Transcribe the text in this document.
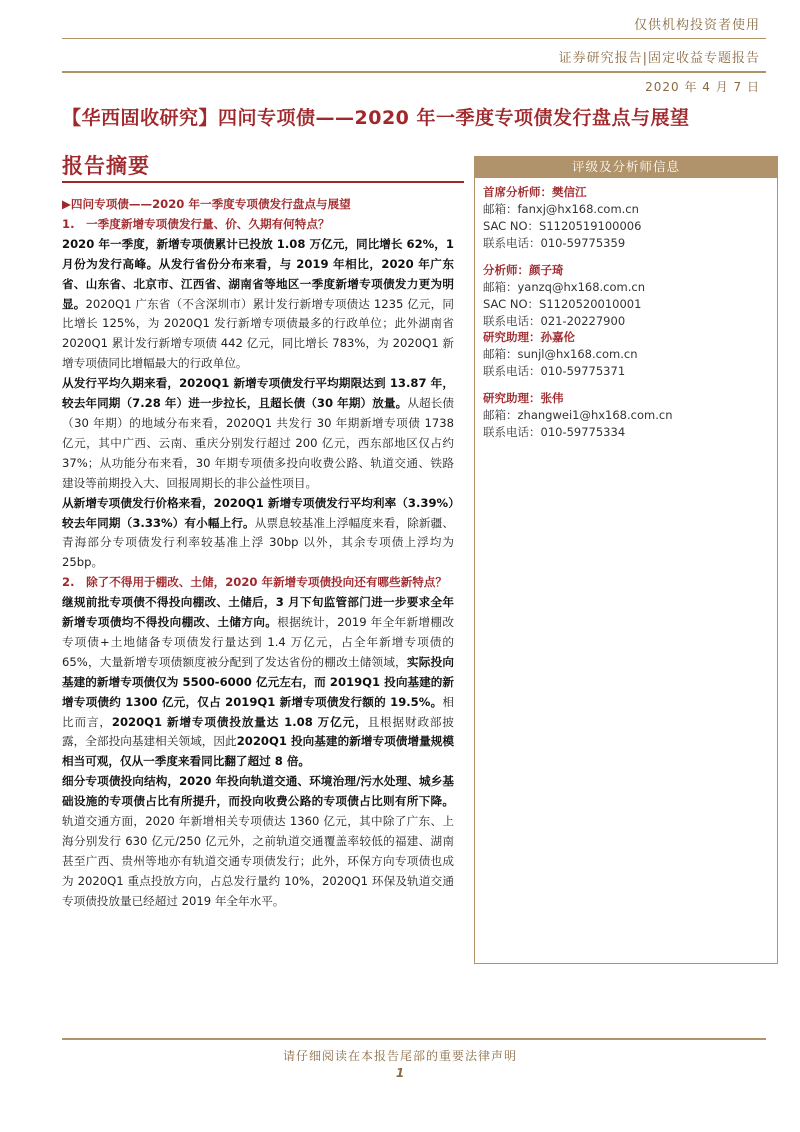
仅供机构投资者使用
证券研究报告|固定收益专题报告
2020 年 4 月 7 日
【华西固收研究】四问专项债——2020 年一季度专项债发行盘点与展望
报告摘要

▶四问专项债——2020 年一季度专项债发行盘点与展望

1.　一季度新增专项债发行量、价、久期有何特点？

2020 年一季度，新增专项债累计已投放 1.08 万亿元，同比增长 62%，1 月份为发行高峰。从发行省份分布来看，与 2019 年相比，2020 年广东省、山东省、北京市、江西省、湖南省等地区一季度新增专项债发力更为明显。2020Q1 广东省（不含深圳市）累计发行新增专项债达 1235 亿元，同比增长 125%，为 2020Q1 发行新增专项债最多的行政单位；此外湖南省 2020Q1 累计发行新增专项债 442 亿元，同比增长 783%，为 2020Q1 新增专项债同比增幅最大的行政单位。

从发行平均久期来看，2020Q1 新增专项债发行平均期限达到 13.87 年，较去年同期（7.28 年）进一步拉长，且超长债（30 年期）放量。从超长债（30 年期）的地域分布来看，2020Q1 共发行 30 年期新增专项债 1738 亿元，其中广西、云南、重庆分别发行超过 200 亿元，西东部地区仅占约 37%；从功能分布来看，30 年期专项债多投向收费公路、轨道交通、铁路建设等前期投入大、回报周期长的非公益性项目。

从新增专项债发行价格来看，2020Q1 新增专项债发行平均利率（3.39%）较去年同期（3.33%）有小幅上行。从票息较基准上浮幅度来看，除新疆、青海部分专项债发行利率较基准上浮 30bp 以外，其余专项债上浮均为 25bp。

2.　除了不得用于棚改、土储，2020 年新增专项债投向还有哪些新特点？

继规前批专项债不得投向棚改、土储后，3 月下旬监管部门进一步要求全年新增专项债均不得投向棚改、土储方向。根据统计，2019 年全年新增棚改专项债+土地储备专项债发行量达到 1.4 万亿元，占全年新增专项债的 65%，大量新增专项债额度被分配到了发达省份的棚改土储领域，实际投向基建的新增专项债仅为 5500-6000 亿元左右，而 2019Q1 投向基建的新增专项债约 1300 亿元，仅占 2019Q1 新增专项债发行额的 19.5%。相比而言，2020Q1 新增专项债投放量达 1.08 万亿元，且根据财政部披露，全部投向基建相关领域，因此2020Q1 投向基建的新增专项债增量规模相当可观，仅从一季度来看同比翻了超过 8 倍。

细分专项债投向结构，2020 年投向轨道交通、环境治理/污水处理、城乡基础设施的专项债占比有所提升，而投向收费公路的专项债占比则有所下降。轨道交通方面，2020 年新增相关专项债达 1360 亿元，其中除了广东、上海分别发行 630 亿元/250 亿元外，之前轨道交通覆盖率较低的福建、湖南甚至广西、贵州等地亦有轨道交通专项债发行；此外，环保方向专项债也成为 2020Q1 重点投放方向，占总发行量约 10%，2020Q1 环保及轨道交通专项债投放量已经超过 2019 年全年水平。

评级及分析师信息
首席分析师：樊信江
邮箱：fanxj@hx168.com.cn
SAC NO：S1120519100006
联系电话：010-59775359
分析师：颜子琦
邮箱：yanzq@hx168.com.cn
SAC NO：S1120520010001
联系电话：021-20227900
研究助理：孙嘉伦
邮箱：sunjl@hx168.com.cn
联系电话：010-59775371
研究助理：张伟
邮箱：zhangwei1@hx168.com.cn
联系电话：010-59775334
请仔细阅读在本报告尾部的重要法律声明
1
